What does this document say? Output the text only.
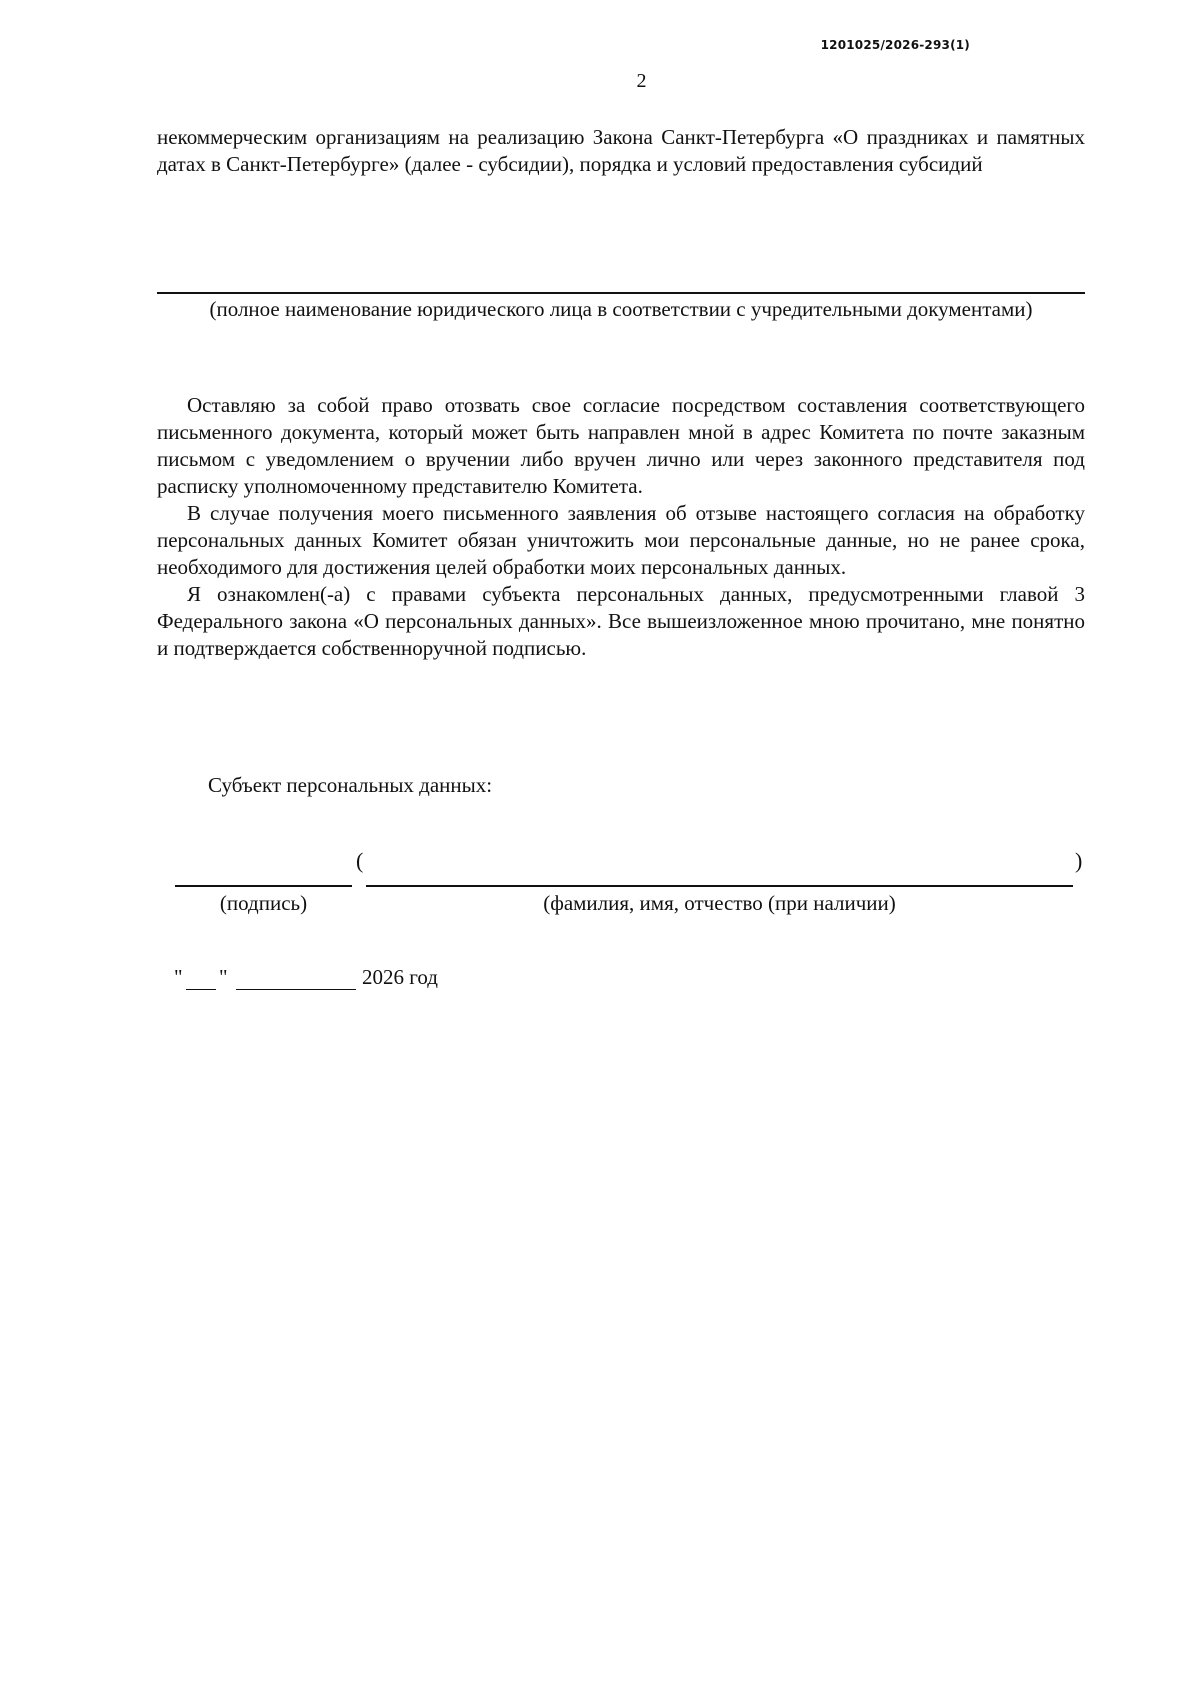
1201025/2026-293(1)
2

некоммерческим организациям на реализацию Закона Санкт-Петербурга «О праздниках и памятных датах в Санкт-Петербурге» (далее - субсидии), порядка и условий предоставления субсидий

(полное наименование юридического лица в соответствии с учредительными документами)

Оставляю за собой право отозвать свое согласие посредством составления соответствующего письменного документа, который может быть направлен мной в адрес Комитета по почте заказным письмом с уведомлением о вручении либо вручен лично или через законного представителя под расписку уполномоченному представителю Комитета.

В случае получения моего письменного заявления об отзыве настоящего согласия на обработку персональных данных Комитет обязан уничтожить мои персональные данные, но не ранее срока, необходимого для достижения целей обработки моих персональных данных.

Я ознакомлен(-а) с правами субъекта персональных данных, предусмотренными главой 3 Федерального закона «О персональных данных». Все вышеизложенное мною прочитано, мне понятно и подтверждается собственноручной подписью.

Субъект персональных данных:
(	)
(подпись)	(фамилия, имя, отчество (при наличии)
" "	2026 год
